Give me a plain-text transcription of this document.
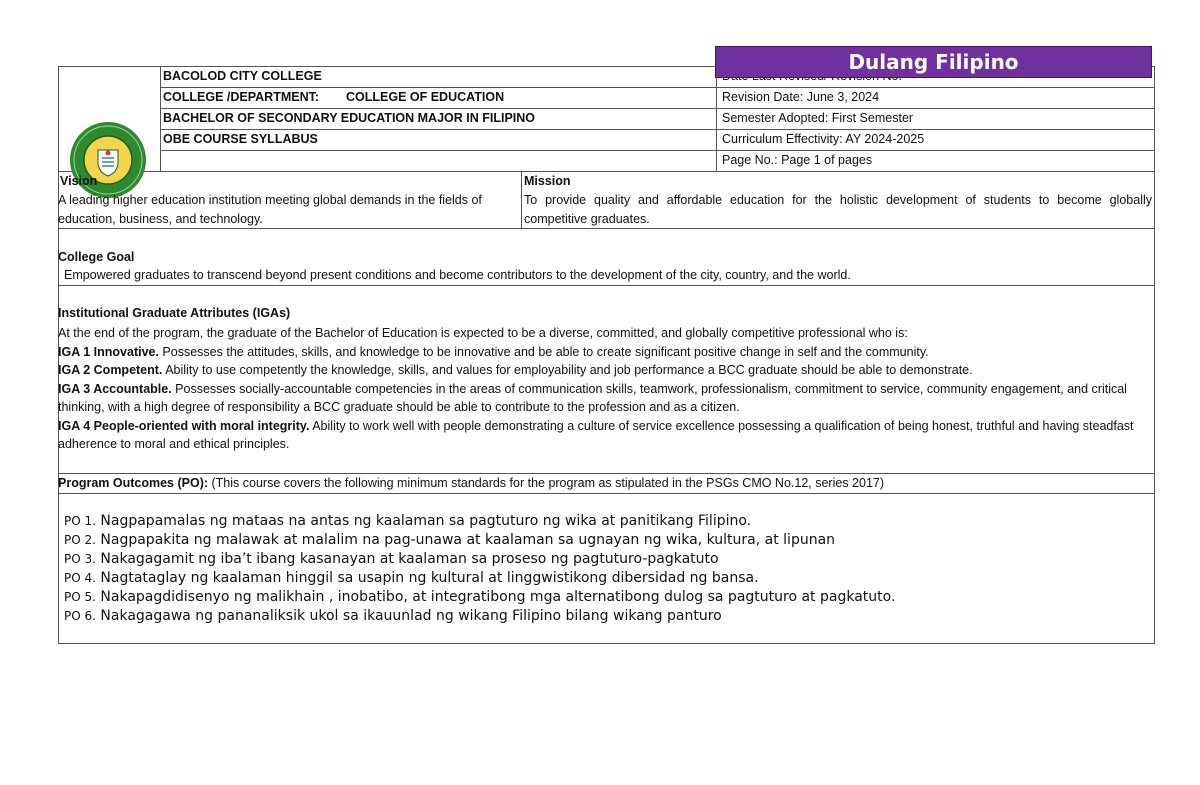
BACOLOD CITY COLLEGE
COLLEGE /DEPARTMENT: COLLEGE OF EDUCATION
BACHELOR OF SECONDARY EDUCATION MAJOR IN FILIPINO
OBE COURSE SYLLABUS
Revision Date: June 3, 2024
Semester Adopted: First Semester
Curriculum Effectivity: AY 2024-2025
Page No.: Page 1 of pages
Dulang Filipino
Vision
A leading higher education institution meeting global demands in the fields of education, business, and technology.
Mission
To provide quality and affordable education for the holistic development of students to become globally competitive graduates.
College Goal
Empowered graduates to transcend beyond present conditions and become contributors to the development of the city, country, and the world.
Institutional Graduate Attributes (IGAs)
At the end of the program, the graduate of the Bachelor of Education is expected to be a diverse, committed, and globally competitive professional who is:
IGA 1 Innovative. Possesses the attitudes, skills, and knowledge to be innovative and be able to create significant positive change in self and the community.
IGA 2 Competent. Ability to use competently the knowledge, skills, and values for employability and job performance a BCC graduate should be able to demonstrate.
IGA 3 Accountable. Possesses socially-accountable competencies in the areas of communication skills, teamwork, professionalism, commitment to service, community engagement, and critical thinking, with a high degree of responsibility a BCC graduate should be able to contribute to the profession and as a citizen.
IGA 4 People-oriented with moral integrity. Ability to work well with people demonstrating a culture of service excellence possessing a qualification of being honest, truthful and having steadfast adherence to moral and ethical principles.
Program Outcomes (PO): (This course covers the following minimum standards for the program as stipulated in the PSGs CMO No.12, series 2017)
PO 1. Nagpapamalas ng mataas na antas ng kaalaman sa pagtuturo ng wika at panitikang Filipino.
PO 2. Nagpapakita ng malawak at malalim na pag-unawa at kaalaman sa ugnayan ng wika, kultura, at lipunan
PO 3. Nakagagamit ng iba’t ibang kasanayan at kaalaman sa proseso ng pagtuturo-pagkatuto
PO 4. Nagtataglay ng kaalaman hinggil sa usapin ng kultural at linggwistikong dibersidad ng bansa.
PO 5. Nakapagdidisenyo ng malikhain , inobatibo, at integratibong mga alternatibong dulog sa pagtuturo at pagkatuto.
PO 6. Nakagagawa ng pananaliksik ukol sa ikauunlad ng wikang Filipino bilang wikang panturo
